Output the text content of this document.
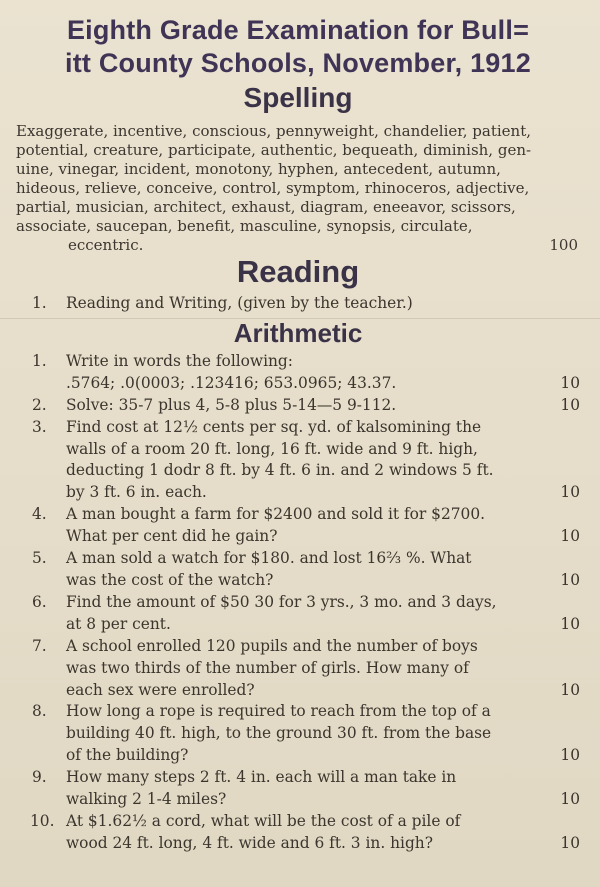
Eighth Grade Examination for Bull=
itt County Schools, November, 1912
Spelling
Exaggerate, incentive, conscious, pennyweight, chandelier, patient,
potential, creature, participate, authentic, bequeath, diminish, gen-
uine, vinegar, incident, monotony, hyphen, antecedent, autumn,
hideous, relieve, conceive, control, symptom, rhinoceros, adjective,
partial, musician, architect, exhaust, diagram, eneeavor, scissors,
associate, saucepan, benefit, masculine, synopsis, circulate,
eccentric.	100
Reading
1.	Reading and Writing, (given by the teacher.)
Arithmetic
1.	Write in words the following:
.5764; .0(0003; .123416; 653.0965; 43.37.	10
2.	Solve: 35-7 plus 4, 5-8 plus 5-14—5 9-112.	10
3.	Find cost at 12½ cents per sq. yd. of kalsomining the
walls of a room 20 ft. long, 16 ft. wide and 9 ft. high,
deducting 1 dodr 8 ft. by 4 ft. 6 in. and 2 windows 5 ft.
by 3 ft. 6 in. each.	10
4.	A man bought a farm for $2400 and sold it for $2700.
What per cent did he gain?	10
5.	A man sold a watch for $180. and lost 16⅔ %. What
was the cost of the watch?	10
6.	Find the amount of $50 30 for 3 yrs., 3 mo. and 3 days,
at 8 per cent.	10
7.	A school enrolled 120 pupils and the number of boys
was two thirds of the number of girls. How many of
each sex were enrolled?	10
8.	How long a rope is required to reach from the top of a
building 40 ft. high, to the ground 30 ft. from the base
of the building?	10
9.	How many steps 2 ft. 4 in. each will a man take in
walking 2 1-4 miles?	10
10. At $1.62½ a cord, what will be the cost of a pile of
wood 24 ft. long, 4 ft. wide and 6 ft. 3 in. high?	10
